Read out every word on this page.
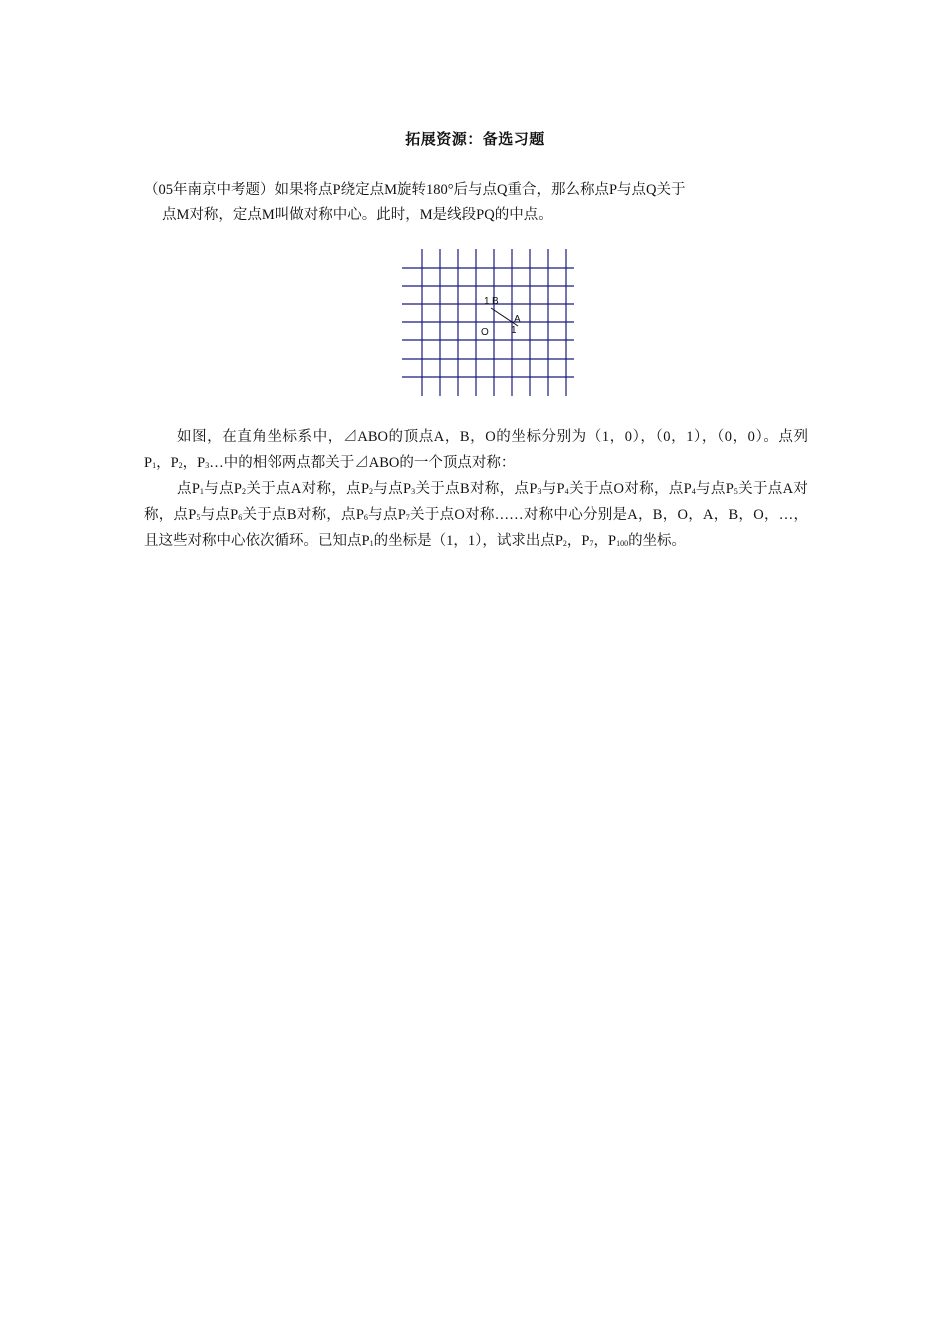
拓展资源：备选习题
（05年南京中考题）如果将点P绕定点M旋转180°后与点Q重合，那么称点P与点Q关于
点M对称，定点M叫做对称中心。此时，M是线段PQ的中点。
1 B
A
O 1

如图，在直角坐标系中，⊿ABO的顶点A，B，O的坐标分别为（1，0），（0，1），（0，0）。点列$P_1$，$P_2$，$P_3\dots$中的相邻两点都关于⊿ABO的一个顶点对称：

点$P_1$与点$P_2$关于点A对称，点$P_2$与点$P_3$关于点B对称，点$P_3$与$P_4$关于点O对称，点$P_4$与点$P_5$关于点A对称，点$P_5$与点$P_6$关于点B对称，点$P_6$与点$P_7$关于点O对称……对称中心分别是A，B，O，A，B，O，…，且这些对称中心依次循环。已知点$P_1$的坐标是（1，1），试求出点$P_2$，$P_7$，$P_{100}$的坐标。
